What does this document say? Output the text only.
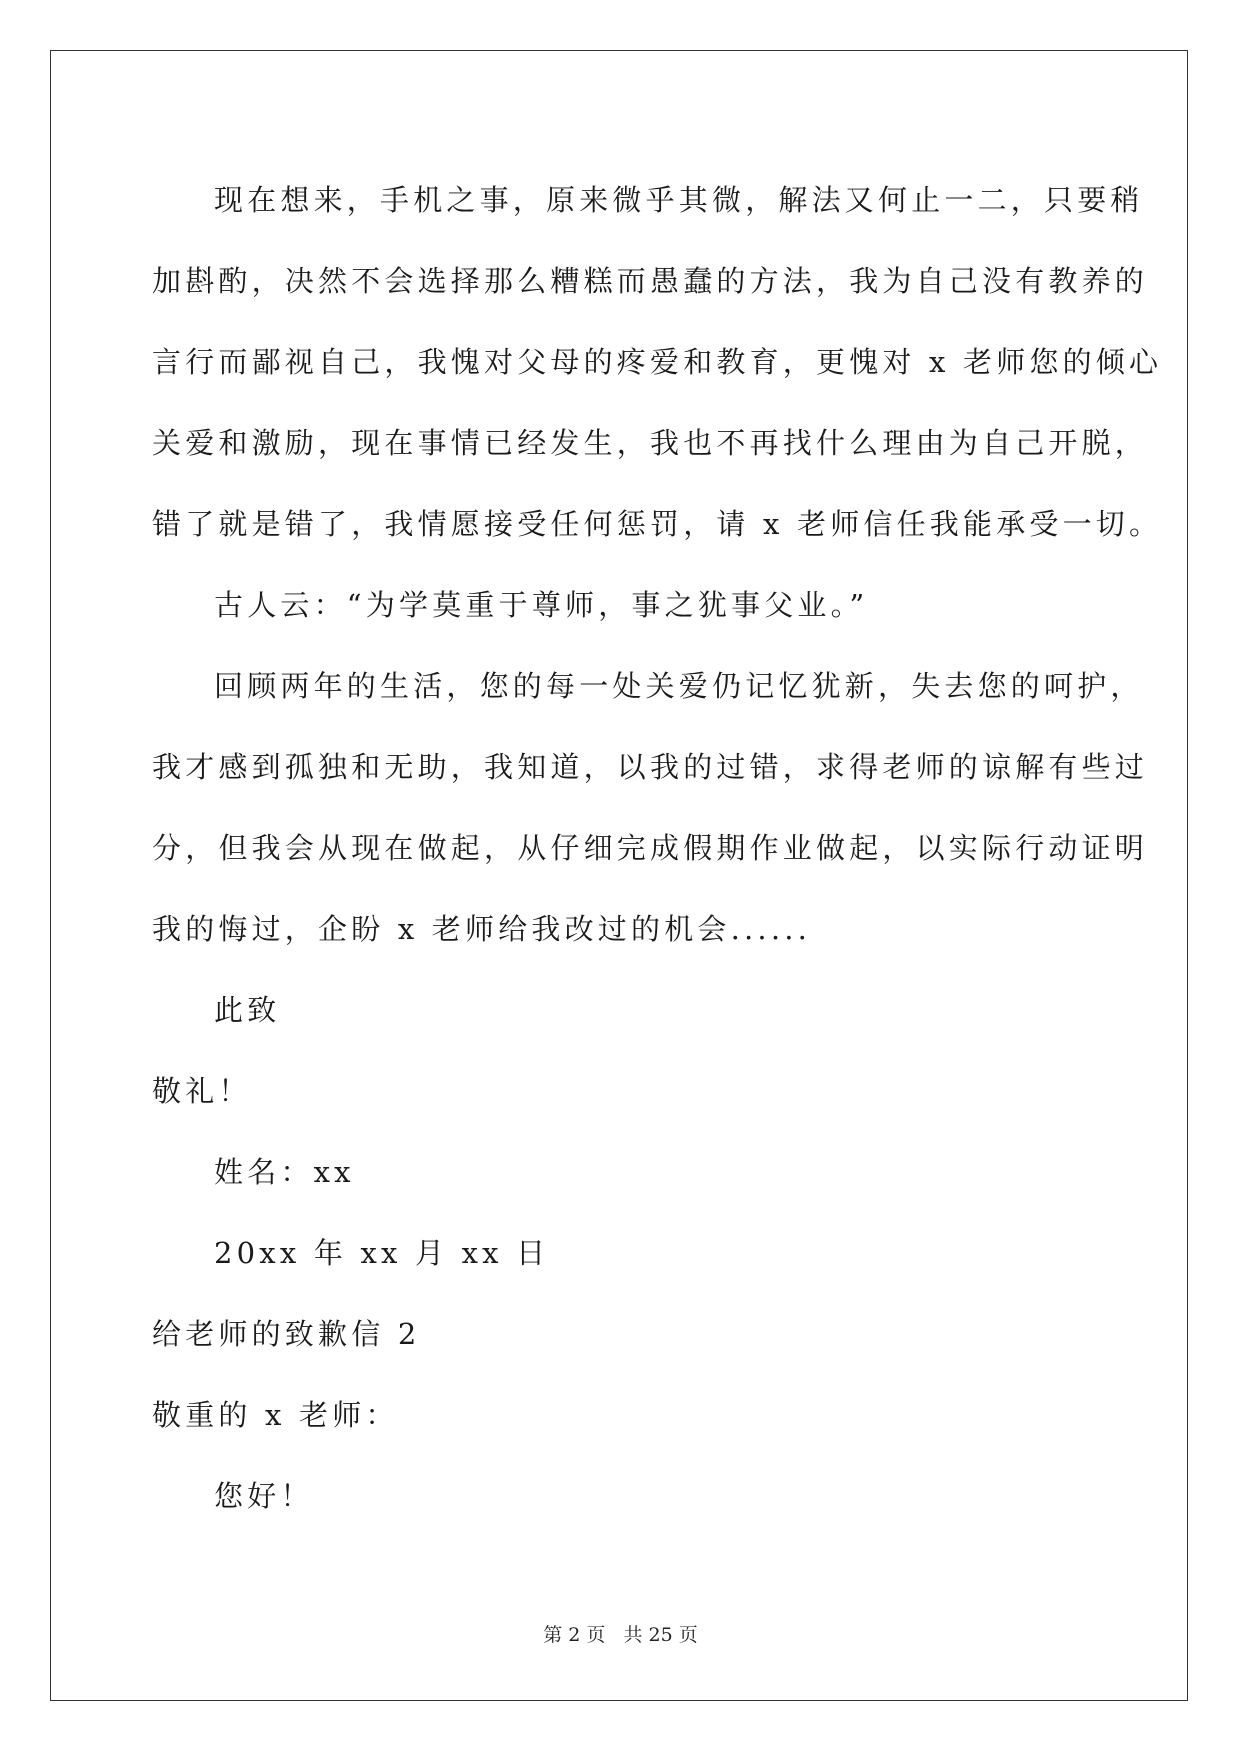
现在想来，手机之事，原来微乎其微，解法又何止一二，只要稍

加斟酌，决然不会选择那么糟糕而愚蠢的方法，我为自己没有教养的

言行而鄙视自己，我愧对父母的疼爱和教育，更愧对 x 老师您的倾心

关爱和激励，现在事情已经发生，我也不再找什么理由为自己开脱，

错了就是错了，我情愿接受任何惩罚，请 x 老师信任我能承受一切。

古人云：“为学莫重于尊师，事之犹事父业。”

回顾两年的生活，您的每一处关爱仍记忆犹新，失去您的呵护，

我才感到孤独和无助，我知道，以我的过错，求得老师的谅解有些过

分，但我会从现在做起，从仔细完成假期作业做起，以实际行动证明

我的悔过，企盼 x 老师给我改过的机会......

此致

敬礼！

姓名：xx

20xx 年 xx 月 xx 日

给老师的致歉信 2

敬重的 x 老师：

您好！

第 2 页 共 25 页
